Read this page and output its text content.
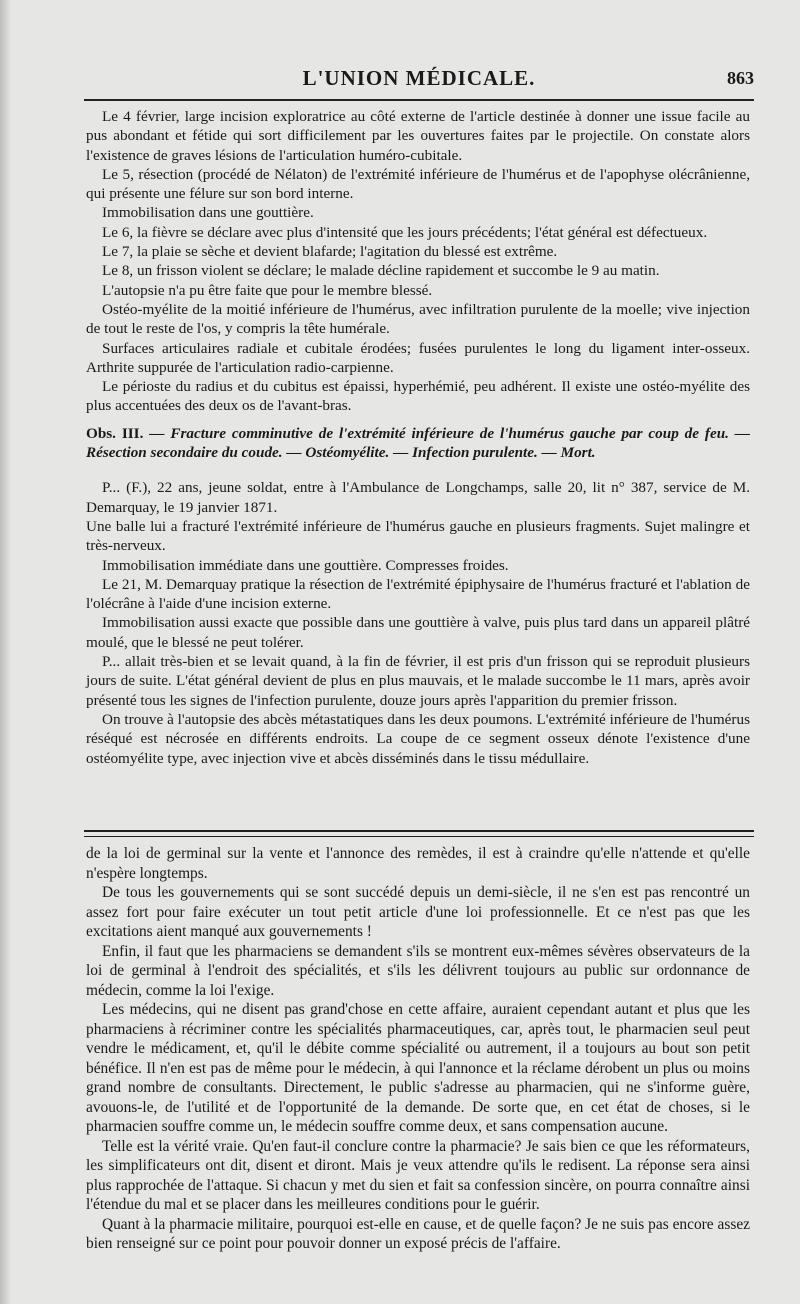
L'UNION MÉDICALE.	863

Le 4 février, large incision exploratrice au côté externe de l'article destinée à donner une issue facile au pus abondant et fétide qui sort difficilement par les ouvertures faites par le projectile. On constate alors l'existence de graves lésions de l'articulation huméro-cubitale.

Le 5, résection (procédé de Nélaton) de l'extrémité inférieure de l'humérus et de l'apophyse olécrânienne, qui présente une félure sur son bord interne.

Immobilisation dans une gouttière.

Le 6, la fièvre se déclare avec plus d'intensité que les jours précédents; l'état général est défectueux.

Le 7, la plaie se sèche et devient blafarde; l'agitation du blessé est extrême.

Le 8, un frisson violent se déclare; le malade décline rapidement et succombe le 9 au matin.

L'autopsie n'a pu être faite que pour le membre blessé.

Ostéo-myélite de la moitié inférieure de l'humérus, avec infiltration purulente de la moelle; vive injection de tout le reste de l'os, y compris la tête humérale.

Surfaces articulaires radiale et cubitale érodées; fusées purulentes le long du ligament inter-osseux. Arthrite suppurée de l'articulation radio-carpienne.

Le périoste du radius et du cubitus est épaissi, hyperhémié, peu adhérent. Il existe une ostéo-myélite des plus accentuées des deux os de l'avant-bras.

Obs. III. — Fracture comminutive de l'extrémité inférieure de l'humérus gauche par coup de feu. — Résection secondaire du coude. — Ostéomyélite. — Infection purulente. — Mort.

P... (F.), 22 ans, jeune soldat, entre à l'Ambulance de Longchamps, salle 20, lit n° 387, service de M. Demarquay, le 19 janvier 1871.

Une balle lui a fracturé l'extrémité inférieure de l'humérus gauche en plusieurs fragments. Sujet malingre et très-nerveux.

Immobilisation immédiate dans une gouttière. Compresses froides.

Le 21, M. Demarquay pratique la résection de l'extrémité épiphysaire de l'humérus fracturé et l'ablation de l'olécrâne à l'aide d'une incision externe.

Immobilisation aussi exacte que possible dans une gouttière à valve, puis plus tard dans un appareil plâtré moulé, que le blessé ne peut tolérer.

P... allait très-bien et se levait quand, à la fin de février, il est pris d'un frisson qui se reproduit plusieurs jours de suite. L'état général devient de plus en plus mauvais, et le malade succombe le 11 mars, après avoir présenté tous les signes de l'infection purulente, douze jours après l'apparition du premier frisson.

On trouve à l'autopsie des abcès métastatiques dans les deux poumons. L'extrémité inférieure de l'humérus réséqué est nécrosée en différents endroits. La coupe de ce segment osseux dénote l'existence d'une ostéomyélite type, avec injection vive et abcès disséminés dans le tissu médullaire.

de la loi de germinal sur la vente et l'annonce des remèdes, il est à craindre qu'elle n'attende et qu'elle n'espère longtemps.

De tous les gouvernements qui se sont succédé depuis un demi-siècle, il ne s'en est pas rencontré un assez fort pour faire exécuter un tout petit article d'une loi professionnelle. Et ce n'est pas que les excitations aient manqué aux gouvernements !

Enfin, il faut que les pharmaciens se demandent s'ils se montrent eux-mêmes sévères observateurs de la loi de germinal à l'endroit des spécialités, et s'ils les délivrent toujours au public sur ordonnance de médecin, comme la loi l'exige.

Les médecins, qui ne disent pas grand'chose en cette affaire, auraient cependant autant et plus que les pharmaciens à récriminer contre les spécialités pharmaceutiques, car, après tout, le pharmacien seul peut vendre le médicament, et, qu'il le débite comme spécialité ou autrement, il a toujours au bout son petit bénéfice. Il n'en est pas de même pour le médecin, à qui l'annonce et la réclame dérobent un plus ou moins grand nombre de consultants. Directement, le public s'adresse au pharmacien, qui ne s'informe guère, avouons-le, de l'utilité et de l'opportunité de la demande. De sorte que, en cet état de choses, si le pharmacien souffre comme un, le médecin souffre comme deux, et sans compensation aucune.

Telle est la vérité vraie. Qu'en faut-il conclure contre la pharmacie? Je sais bien ce que les réformateurs, les simplificateurs ont dit, disent et diront. Mais je veux attendre qu'ils le redisent. La réponse sera ainsi plus rapprochée de l'attaque. Si chacun y met du sien et fait sa confession sincère, on pourra connaître ainsi l'étendue du mal et se placer dans les meilleures conditions pour le guérir.

Quant à la pharmacie militaire, pourquoi est-elle en cause, et de quelle façon? Je ne suis pas encore assez bien renseigné sur ce point pour pouvoir donner un exposé précis de l'affaire.
